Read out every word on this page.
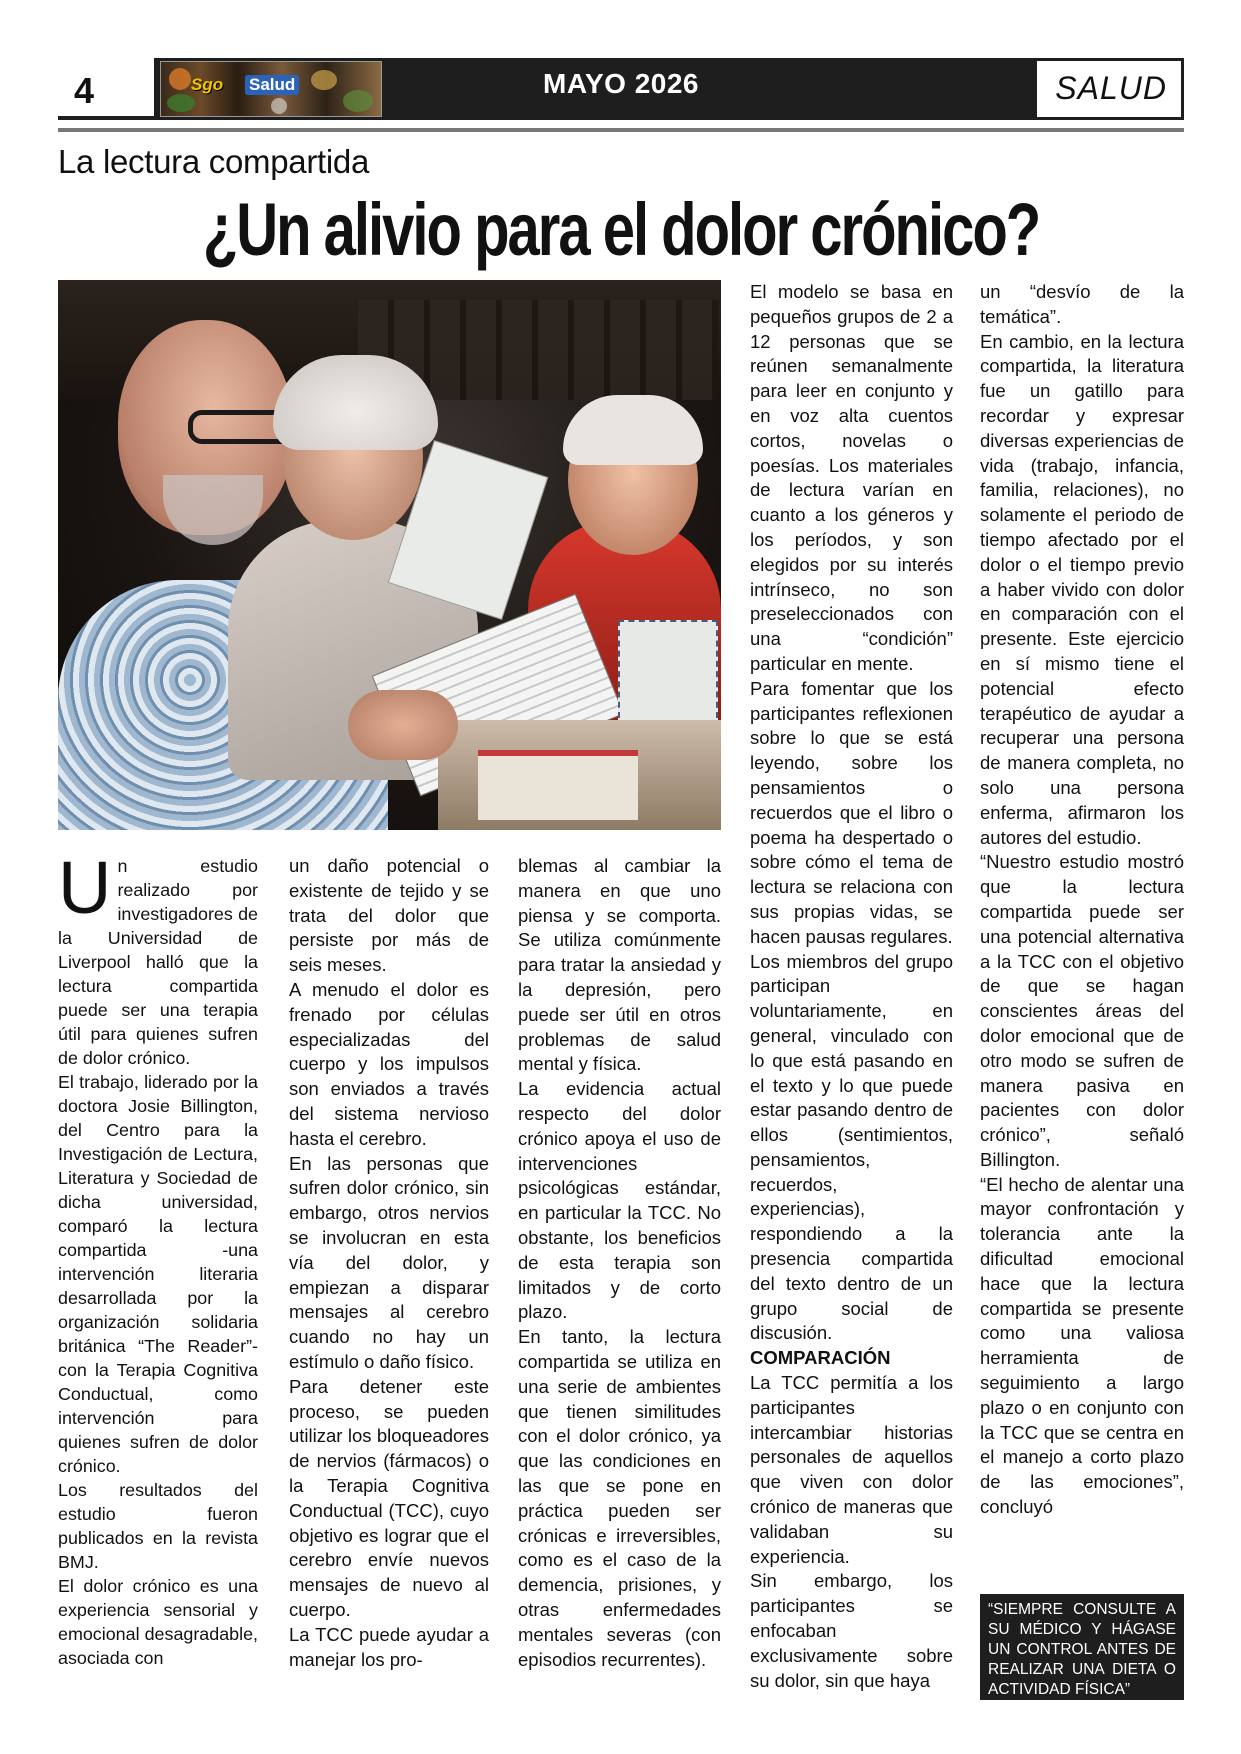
4	Sgo Salud	MAYO 2026	SALUD
La lectura compartida
¿Un alivio para el dolor crónico?
U n estudio realizado por investigadores de la Universidad de Liverpool halló que la lectura compartida puede ser una terapia útil para quienes sufren de dolor crónico.

El trabajo, liderado por la doctora Josie Billington, del Centro para la Investigación de Lectura, Literatura y Sociedad de dicha universidad, comparó la lectura compartida -una intervención literaria desarrollada por la organización solidaria británica “The Reader”- con la Terapia Cognitiva Conductual, como intervención para quienes sufren de dolor crónico.

Los resultados del estudio fueron publicados en la revista BMJ.

El dolor crónico es una experiencia sensorial y emocional desagradable, asociada con

un daño potencial o existente de tejido y se trata del dolor que persiste por más de seis meses.

A menudo el dolor es frenado por células especializadas del cuerpo y los impulsos son enviados a través del sistema nervioso hasta el cerebro.

En las personas que sufren dolor crónico, sin embargo, otros nervios se involucran en esta vía del dolor, y empiezan a disparar mensajes al cerebro cuando no hay un estímulo o daño físico.

Para detener este proceso, se pueden utilizar los bloqueadores de nervios (fármacos) o la Terapia Cognitiva Conductual (TCC), cuyo objetivo es lograr que el cerebro envíe nuevos mensajes de nuevo al cuerpo.

La TCC puede ayudar a manejar los pro-

blemas al cambiar la manera en que uno piensa y se comporta. Se utiliza comúnmente para tratar la ansiedad y la depresión, pero puede ser útil en otros problemas de salud mental y física.

La evidencia actual respecto del dolor crónico apoya el uso de intervenciones psicológicas estándar, en particular la TCC. No obstante, los beneficios de esta terapia son limitados y de corto plazo.

En tanto, la lectura compartida se utiliza en una serie de ambientes que tienen similitudes con el dolor crónico, ya que las condiciones en las que se pone en práctica pueden ser crónicas e irreversibles, como es el caso de la demencia, prisiones, y otras enfermedades mentales severas (con episodios recurrentes).

El modelo se basa en pequeños grupos de 2 a 12 personas que se reúnen semanalmente para leer en conjunto y en voz alta cuentos cortos, novelas o poesías. Los materiales de lectura varían en cuanto a los géneros y los períodos, y son elegidos por su interés intrínseco, no son preseleccionados con una “condición” particular en mente.

Para fomentar que los participantes reflexionen sobre lo que se está leyendo, sobre los pensamientos o recuerdos que el libro o poema ha despertado o sobre cómo el tema de lectura se relaciona con sus propias vidas, se hacen pausas regulares.

Los miembros del grupo participan voluntariamente, en general, vinculado con lo que está pasando en el texto y lo que puede estar pasando dentro de ellos (sentimientos, pensamientos, recuerdos, experiencias), respondiendo a la presencia compartida del texto dentro de un grupo social de discusión.

COMPARACIÓN

La TCC permitía a los participantes intercambiar historias personales de aquellos que viven con dolor crónico de maneras que validaban su experiencia.

Sin embargo, los participantes se enfocaban exclusivamente sobre su dolor, sin que haya

un “desvío de la temática”.

En cambio, en la lectura compartida, la literatura fue un gatillo para recordar y expresar diversas experiencias de vida (trabajo, infancia, familia, relaciones), no solamente el periodo de tiempo afectado por el dolor o el tiempo previo a haber vivido con dolor en comparación con el presente. Este ejercicio en sí mismo tiene el potencial efecto terapéutico de ayudar a recuperar una persona de manera completa, no solo una persona enferma, afirmaron los autores del estudio.

“Nuestro estudio mostró que la lectura compartida puede ser una potencial alternativa a la TCC con el objetivo de que se hagan conscientes áreas del dolor emocional que de otro modo se sufren de manera pasiva en pacientes con dolor crónico”, señaló Billington.

“El hecho de alentar una mayor confrontación y tolerancia ante la dificultad emocional hace que la lectura compartida se presente como una valiosa herramienta de seguimiento a largo plazo o en conjunto con la TCC que se centra en el manejo a corto plazo de las emociones”, concluyó

“SIEMPRE CONSULTE A SU MÉDICO Y HÁGASE UN CONTROL ANTES DE REALIZAR UNA DIETA O ACTIVIDAD FÍSICA”
